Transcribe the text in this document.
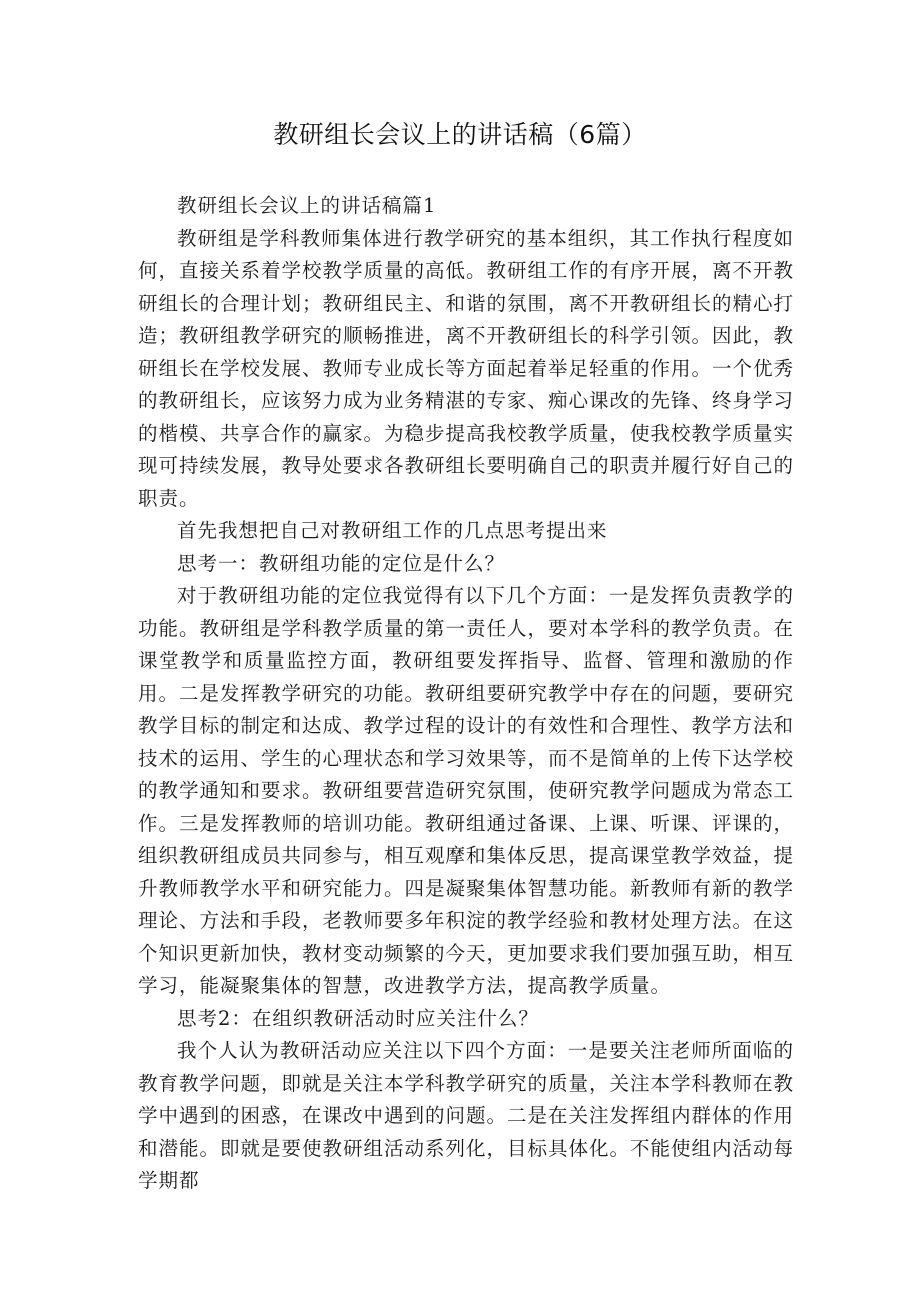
教研组长会议上的讲话稿（6篇）

教研组长会议上的讲话稿篇1

教研组是学科教师集体进行教学研究的基本组织，其工作执行程度如何，直接关系着学校教学质量的高低。教研组工作的有序开展，离不开教研组长的合理计划；教研组民主、和谐的氛围，离不开教研组长的精心打造；教研组教学研究的顺畅推进，离不开教研组长的科学引领。因此，教研组长在学校发展、教师专业成长等方面起着举足轻重的作用。一个优秀的教研组长，应该努力成为业务精湛的专家、痴心课改的先锋、终身学习的楷模、共享合作的赢家。为稳步提高我校教学质量，使我校教学质量实现可持续发展，教导处要求各教研组长要明确自己的职责并履行好自己的职责。

首先我想把自己对教研组工作的几点思考提出来

思考一：教研组功能的定位是什么？

对于教研组功能的定位我觉得有以下几个方面：一是发挥负责教学的功能。教研组是学科教学质量的第一责任人，要对本学科的教学负责。在课堂教学和质量监控方面，教研组要发挥指导、监督、管理和激励的作用。二是发挥教学研究的功能。教研组要研究教学中存在的问题，要研究教学目标的制定和达成、教学过程的设计的有效性和合理性、教学方法和技术的运用、学生的心理状态和学习效果等，而不是简单的上传下达学校的教学通知和要求。教研组要营造研究氛围，使研究教学问题成为常态工作。三是发挥教师的培训功能。教研组通过备课、上课、听课、评课的，组织教研组成员共同参与，相互观摩和集体反思，提高课堂教学效益，提升教师教学水平和研究能力。四是凝聚集体智慧功能。新教师有新的教学理论、方法和手段，老教师要多年积淀的教学经验和教材处理方法。在这个知识更新加快，教材变动频繁的今天，更加要求我们要加强互助，相互学习，能凝聚集体的智慧，改进教学方法，提高教学质量。

思考2：在组织教研活动时应关注什么？

我个人认为教研活动应关注以下四个方面：一是要关注老师所面临的教育教学问题，即就是关注本学科教学研究的质量，关注本学科教师在教学中遇到的困惑，在课改中遇到的问题。二是在关注发挥组内群体的作用和潜能。即就是要使教研组活动系列化，目标具体化。不能使组内活动每学期都
